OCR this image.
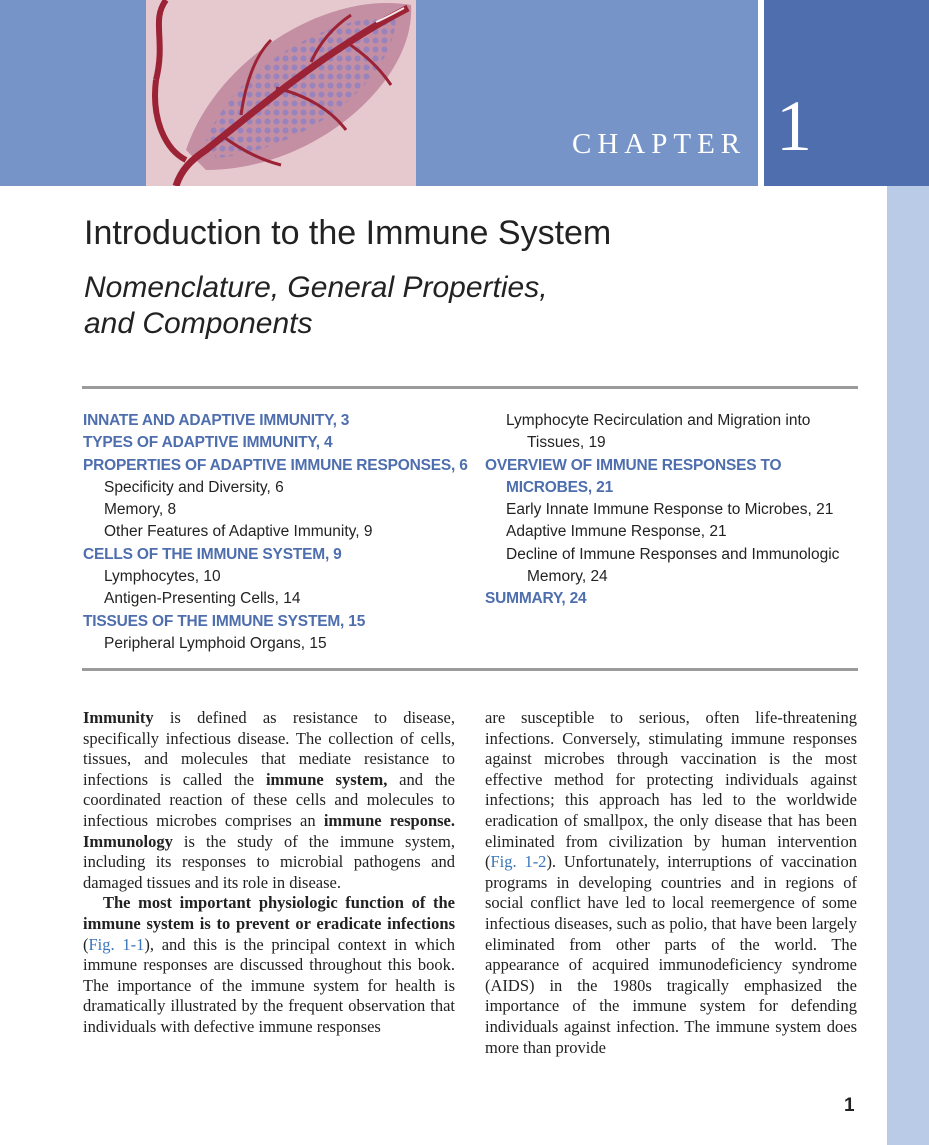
CHAPTER 1
Introduction to the Immune System
Nomenclature, General Properties,
and Components
INNATE AND ADAPTIVE IMMUNITY, 3
TYPES OF ADAPTIVE IMMUNITY, 4
PROPERTIES OF ADAPTIVE IMMUNE RESPONSES, 6
Specificity and Diversity, 6
Memory, 8
Other Features of Adaptive Immunity, 9
CELLS OF THE IMMUNE SYSTEM, 9
Lymphocytes, 10
Antigen-Presenting Cells, 14
TISSUES OF THE IMMUNE SYSTEM, 15
Peripheral Lymphoid Organs, 15
Lymphocyte Recirculation and Migration into
Tissues, 19
OVERVIEW OF IMMUNE RESPONSES TO
MICROBES, 21
Early Innate Immune Response to Microbes, 21
Adaptive Immune Response, 21
Decline of Immune Responses and Immunologic
Memory, 24
SUMMARY, 24

Immunity is defined as resistance to disease, specifically infectious disease. The collection of cells, tissues, and molecules that mediate resistance to infections is called the immune system, and the coordinated reaction of these cells and molecules to infectious microbes comprises an immune response. Immunology is the study of the immune system, including its responses to microbial pathogens and damaged tissues and its role in disease.

The most important physiologic function of the immune system is to prevent or eradicate infections (Fig. 1-1), and this is the principal context in which immune responses are discussed throughout this book. The importance of the immune system for health is dramatically illustrated by the frequent observation that individuals with defective immune responses

are susceptible to serious, often life-threatening infections. Conversely, stimulating immune responses against microbes through vaccination is the most effective method for protecting individuals against infections; this approach has led to the worldwide eradication of smallpox, the only disease that has been eliminated from civilization by human intervention (Fig. 1-2). Unfortunately, interruptions of vaccination programs in developing countries and in regions of social conflict have led to local reemergence of some infectious diseases, such as polio, that have been largely eliminated from other parts of the world. The appearance of acquired immunodeficiency syndrome (AIDS) in the 1980s tragically emphasized the importance of the immune system for defending individuals against infection. The immune system does more than provide

1
